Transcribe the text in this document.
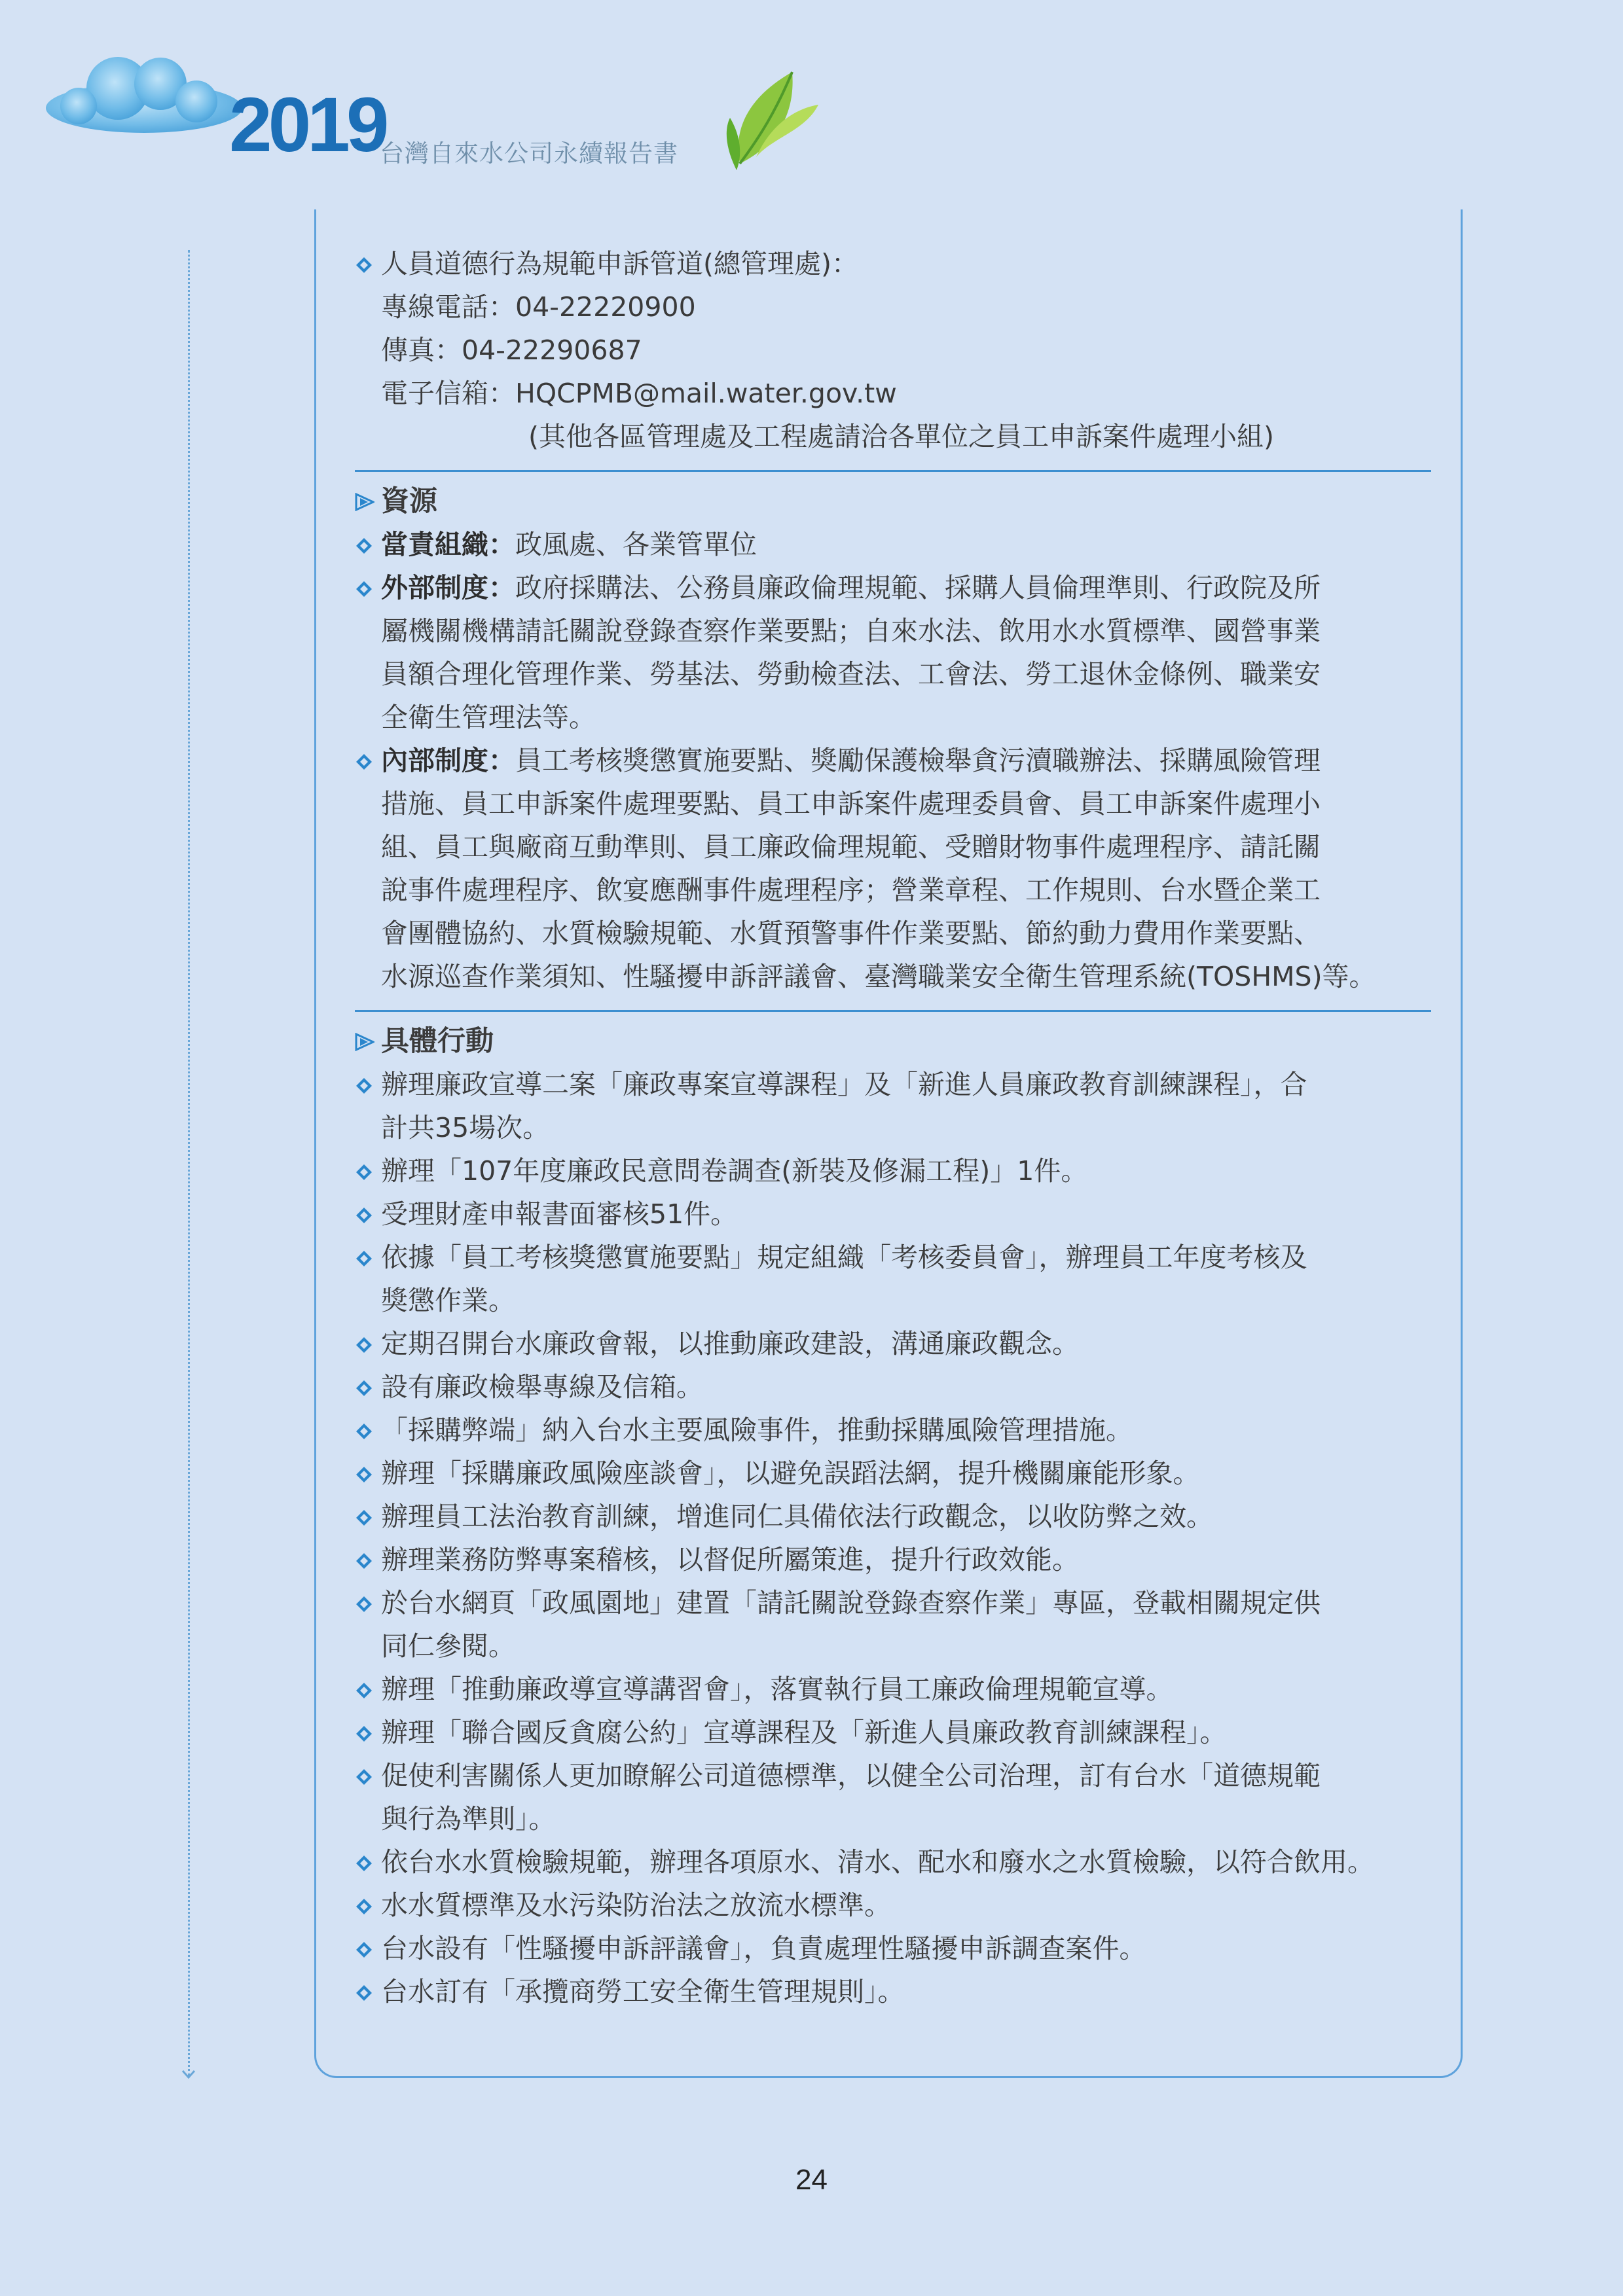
2019
台灣自來水公司永續報告書
人員道德行為規範申訴管道(總管理處)：
專線電話：04-22220900
傳真：04-22290687
電子信箱：HQCPMB@mail.water.gov.tw
(其他各區管理處及工程處請洽各單位之員工申訴案件處理小組)
資源
當責組織：政風處、各業管單位
外部制度：政府採購法、公務員廉政倫理規範、採購人員倫理準則、行政院及所
屬機關機構請託關說登錄查察作業要點；自來水法、飲用水水質標準、國營事業
員額合理化管理作業、勞基法、勞動檢查法、工會法、勞工退休金條例、職業安
全衛生管理法等。
內部制度：員工考核獎懲實施要點、獎勵保護檢舉貪污瀆職辦法、採購風險管理
措施、員工申訴案件處理要點、員工申訴案件處理委員會、員工申訴案件處理小
組、員工與廠商互動準則、員工廉政倫理規範、受贈財物事件處理程序、請託關
說事件處理程序、飲宴應酬事件處理程序；營業章程、工作規則、台水暨企業工
會團體協約、水質檢驗規範、水質預警事件作業要點、節約動力費用作業要點、
水源巡查作業須知、性騷擾申訴評議會、臺灣職業安全衛生管理系統(TOSHMS)等。
具體行動
辦理廉政宣導二案「廉政專案宣導課程」及「新進人員廉政教育訓練課程」，合
計共35場次。
辦理「107年度廉政民意問卷調查(新裝及修漏工程)」1件。
受理財產申報書面審核51件。
依據「員工考核獎懲實施要點」規定組織「考核委員會」，辦理員工年度考核及
獎懲作業。
定期召開台水廉政會報，以推動廉政建設，溝通廉政觀念。
設有廉政檢舉專線及信箱。
「採購弊端」納入台水主要風險事件，推動採購風險管理措施。
辦理「採購廉政風險座談會」，以避免誤蹈法網，提升機關廉能形象。
辦理員工法治教育訓練，增進同仁具備依法行政觀念，以收防弊之效。
辦理業務防弊專案稽核，以督促所屬策進，提升行政效能。
於台水網頁「政風園地」建置「請託關說登錄查察作業」專區，登載相關規定供
同仁參閱。
辦理「推動廉政導宣導講習會」，落實執行員工廉政倫理規範宣導。
辦理「聯合國反貪腐公約」宣導課程及「新進人員廉政教育訓練課程」。
促使利害關係人更加瞭解公司道德標準，以健全公司治理，訂有台水「道德規範
與行為準則」。
依台水水質檢驗規範，辦理各項原水、清水、配水和廢水之水質檢驗，以符合飲用。
水水質標準及水污染防治法之放流水標準。
台水設有「性騷擾申訴評議會」，負責處理性騷擾申訴調查案件。
台水訂有「承攬商勞工安全衛生管理規則」。
24
